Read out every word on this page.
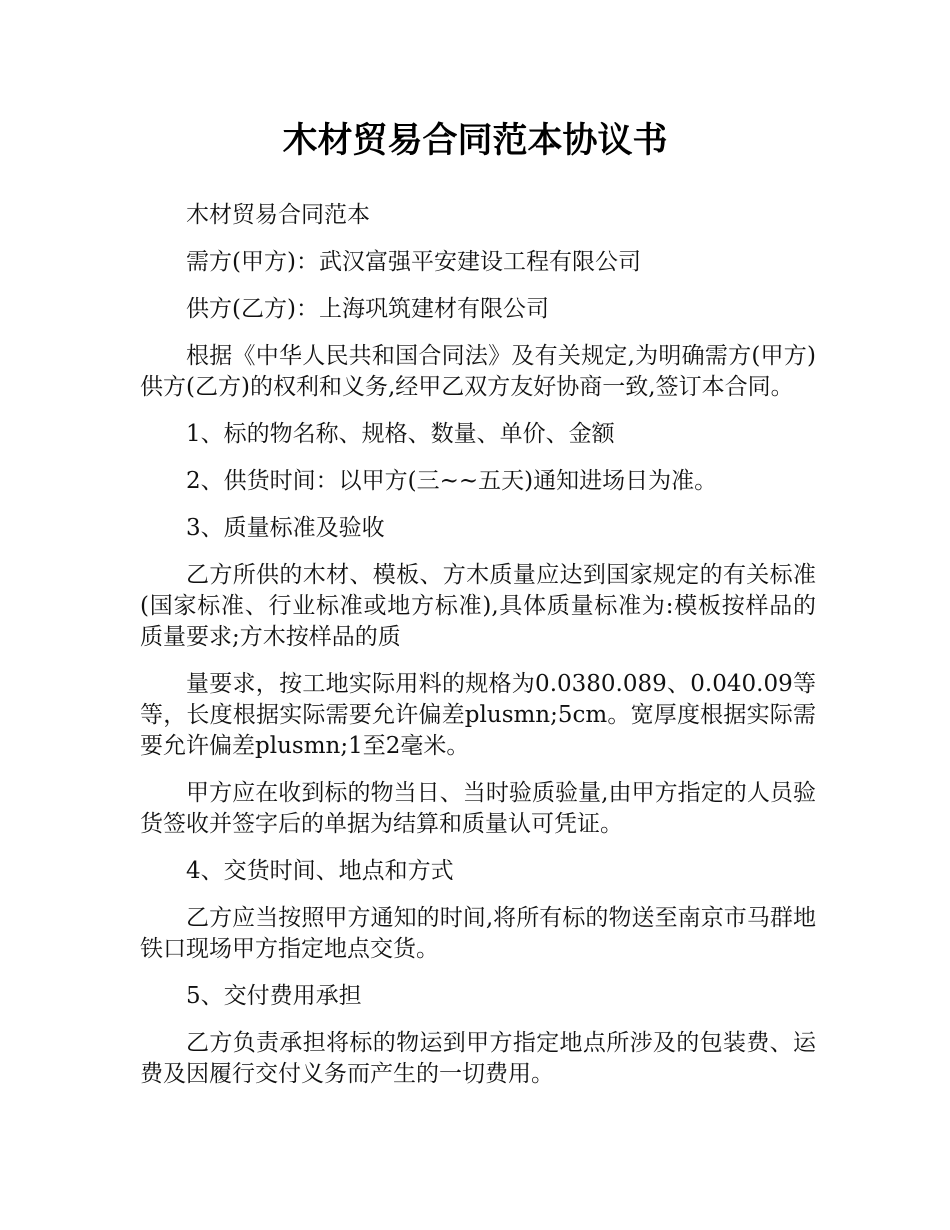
木材贸易合同范本协议书

木材贸易合同范本

需方(甲方)：武汉富强平安建设工程有限公司

供方(乙方)：上海巩筑建材有限公司

根据《中华人民共和国合同法》及有关规定,为明确需方(甲方)供方(乙方)的权利和义务,经甲乙双方友好协商一致,签订本合同。

1、标的物名称、规格、数量、单价、金额

2、供货时间：以甲方(三~~五天)通知进场日为准。

3、质量标准及验收

乙方所供的木材、模板、方木质量应达到国家规定的有关标准(国家标准、行业标准或地方标准),具体质量标准为:模板按样品的质量要求;方木按样品的质

量要求，按工地实际用料的规格为0.0380.089、0.040.09等等，长度根据实际需要允许偏差plusmn;5cm。宽厚度根据实际需要允许偏差plusmn;1至2毫米。

甲方应在收到标的物当日、当时验质验量,由甲方指定的人员验货签收并签字后的单据为结算和质量认可凭证。

4、交货时间、地点和方式

乙方应当按照甲方通知的时间,将所有标的物送至南京市马群地铁口现场甲方指定地点交货。

5、交付费用承担

乙方负责承担将标的物运到甲方指定地点所涉及的包装费、运费及因履行交付义务而产生的一切费用。
